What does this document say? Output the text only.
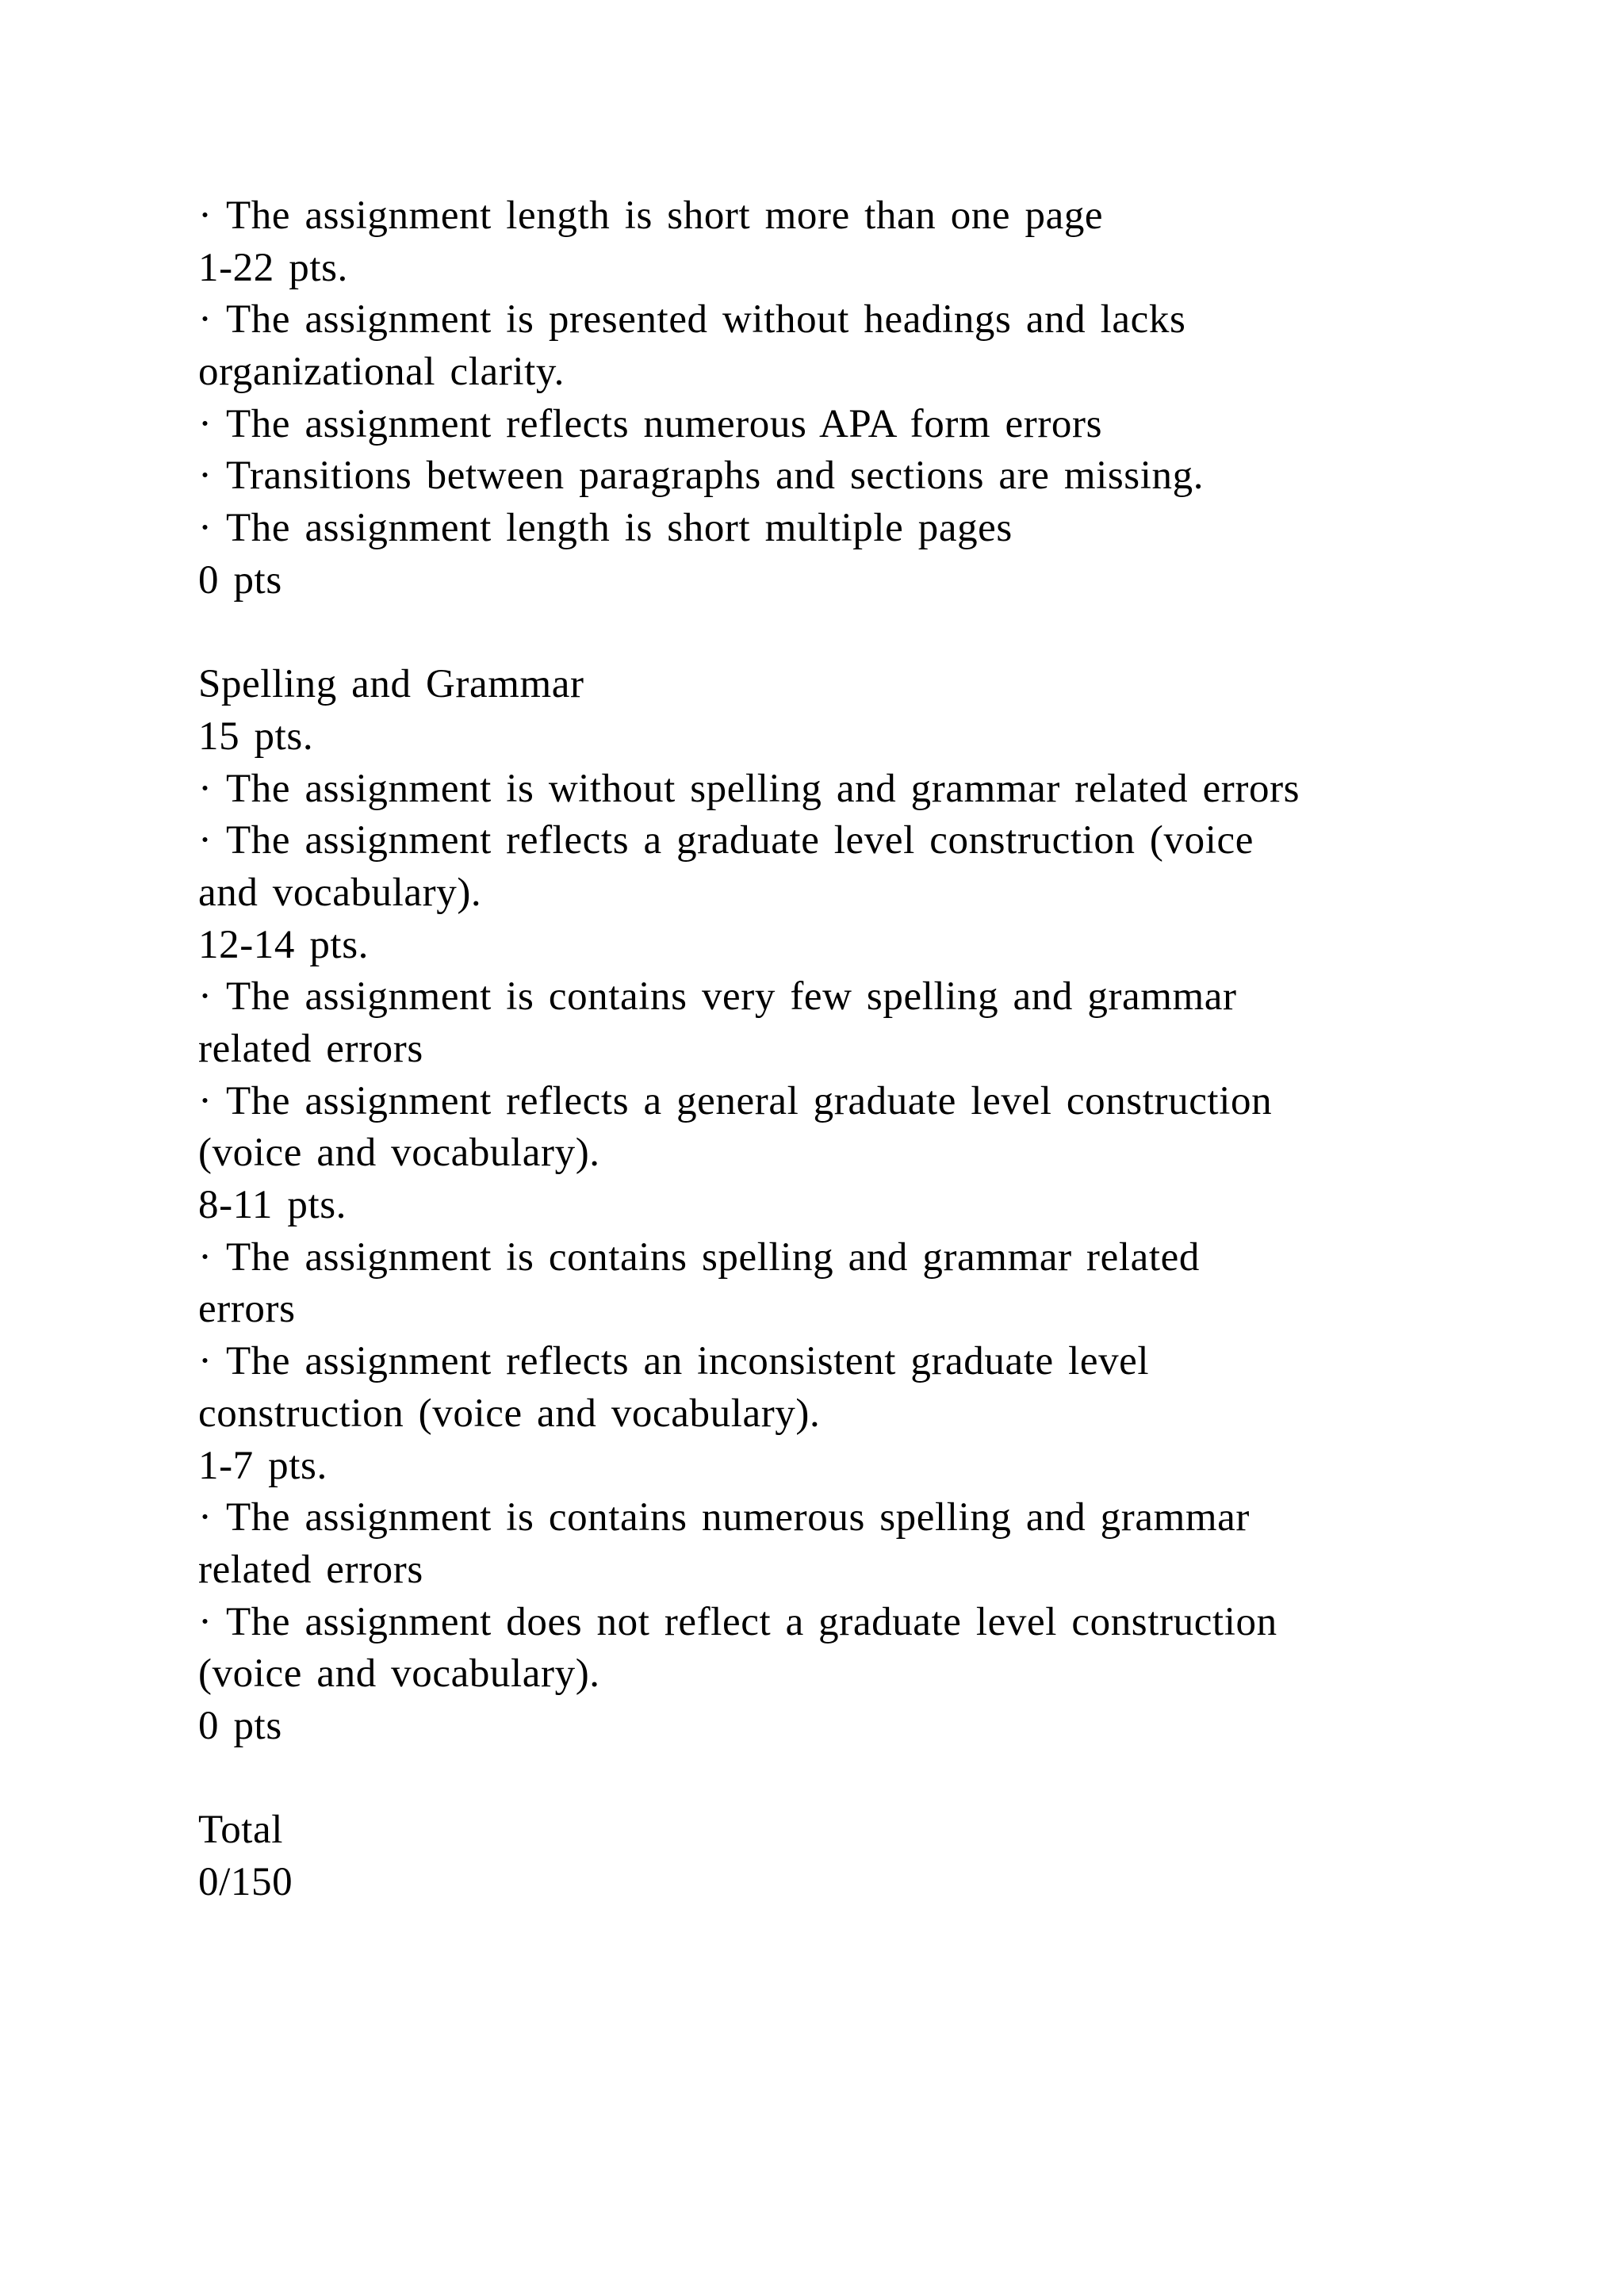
· The assignment length is short more than one page
1-22 pts.
· The assignment is presented without headings and lacks
organizational clarity.
· The assignment reflects numerous APA form errors
· Transitions between paragraphs and sections are missing.
· The assignment length is short multiple pages
0 pts
Spelling and Grammar
15 pts.
· The assignment is without spelling and grammar related errors
· The assignment reflects a graduate level construction (voice
and vocabulary).
12-14 pts.
· The assignment is contains very few spelling and grammar
related errors
· The assignment reflects a general graduate level construction
(voice and vocabulary).
8-11 pts.
· The assignment is contains spelling and grammar related
errors
· The assignment reflects an inconsistent graduate level
construction (voice and vocabulary).
1-7 pts.
· The assignment is contains numerous spelling and grammar
related errors
· The assignment does not reflect a graduate level construction
(voice and vocabulary).
0 pts
Total
0/150
